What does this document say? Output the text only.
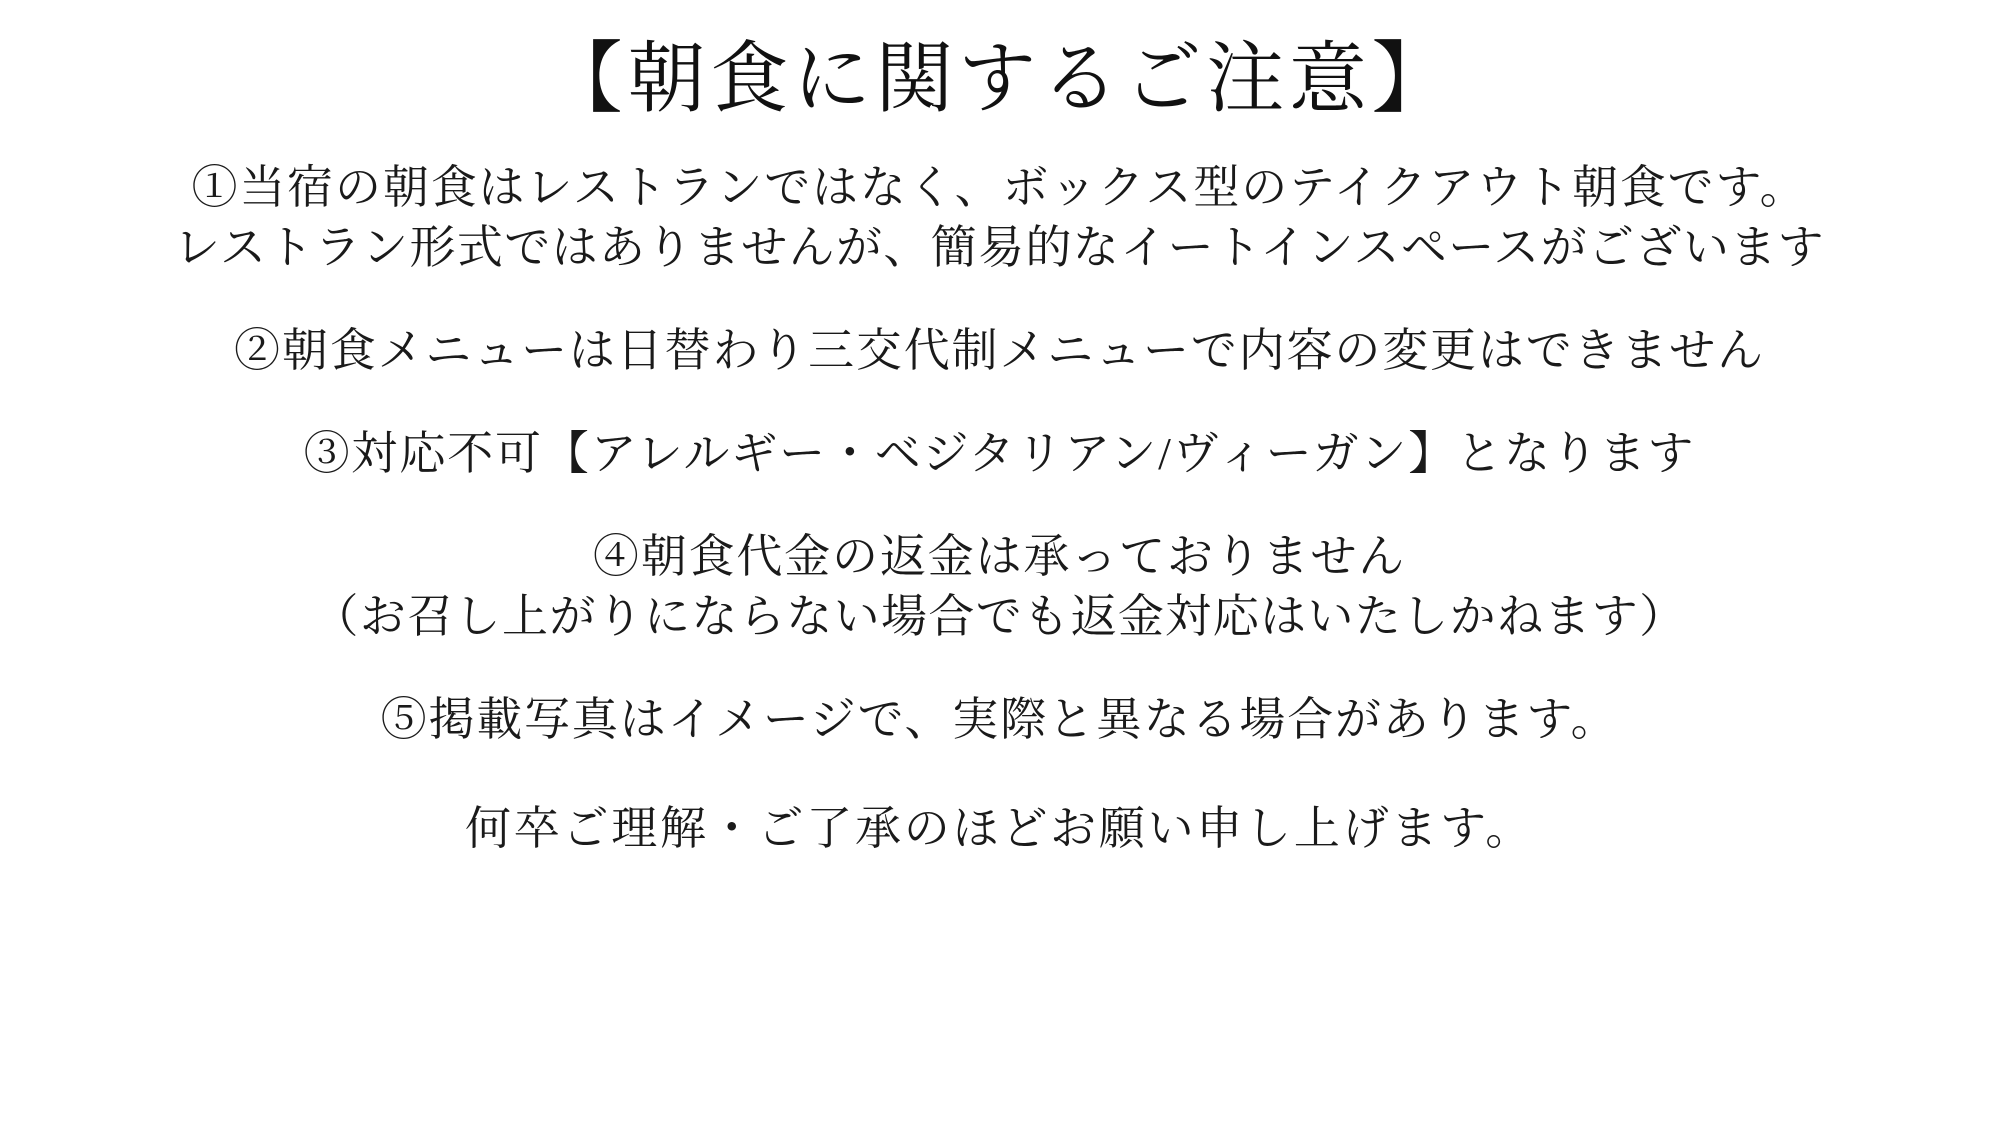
【朝食に関するご注意】
①当宿の朝食はレストランではなく、ボックス型のテイクアウト朝食です。
レストラン形式ではありませんが、簡易的なイートインスペースがございます
②朝食メニューは日替わり三交代制メニューで内容の変更はできません
③対応不可【アレルギー・ベジタリアン/ヴィーガン】となります
④朝食代金の返金は承っておりません
（お召し上がりにならない場合でも返金対応はいたしかねます）
⑤掲載写真はイメージで、実際と異なる場合があります。
何卒ご理解・ご了承のほどお願い申し上げます。
